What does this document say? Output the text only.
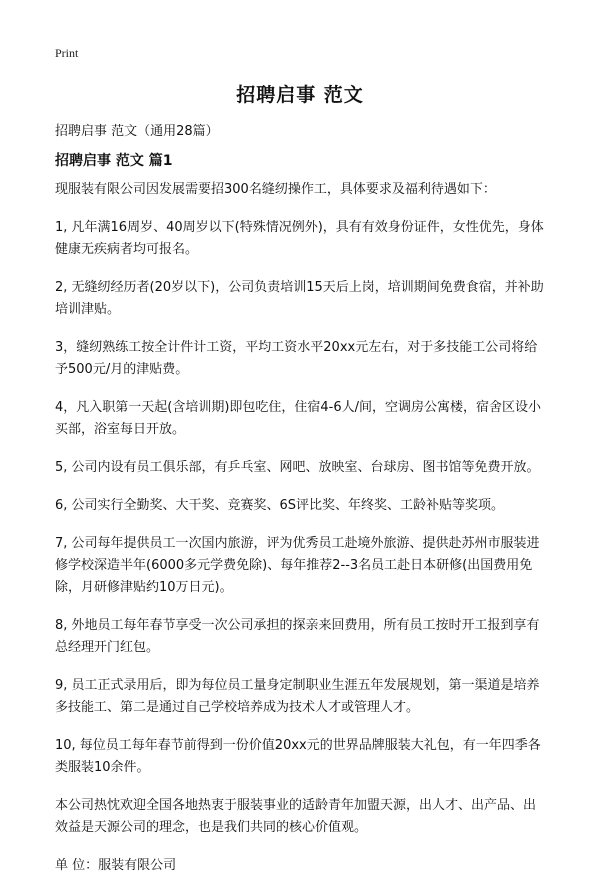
Print
招聘启事 范文
招聘启事 范文（通用28篇）
招聘启事 范文 篇1

现服装有限公司因发展需要招300名缝纫操作工，具体要求及福利待遇如下：

1, 凡年满16周岁、40周岁以下(特殊情况例外)，具有有效身份证件，女性优先，身体健康无疾病者均可报名。

2, 无缝纫经历者(20岁以下)，公司负责培训15天后上岗，培训期间免费食宿，并补助培训津贴。

3，缝纫熟练工按全计件计工资，平均工资水平20xx元左右，对于多技能工公司将给予500元/月的津贴费。

4，凡入职第一天起(含培训期)即包吃住，住宿4-6人/间，空调房公寓楼，宿舍区设小买部，浴室每日开放。

5, 公司内设有员工俱乐部，有乒乓室、网吧、放映室、台球房、图书馆等免费开放。

6, 公司实行全勤奖、大干奖、竞赛奖、6S评比奖、年终奖、工龄补贴等奖项。

7, 公司每年提供员工一次国内旅游，评为优秀员工赴境外旅游、提供赴苏州市服装进修学校深造半年(6000多元学费免除)、每年推荐2--3名员工赴日本研修(出国费用免除，月研修津贴约10万日元)。

8, 外地员工每年春节享受一次公司承担的探亲来回费用，所有员工按时开工报到享有总经理开门红包。

9, 员工正式录用后，即为每位员工量身定制职业生涯五年发展规划，第一渠道是培养多技能工、第二是通过自己学校培养成为技术人才或管理人才。

10, 每位员工每年春节前得到一份价值20xx元的世界品牌服装大礼包，有一年四季各类服装10余件。

本公司热忱欢迎全国各地热衷于服装事业的适龄青年加盟天源，出人才、出产品、出效益是天源公司的理念，也是我们共同的核心价值观。

单 位：服装有限公司
